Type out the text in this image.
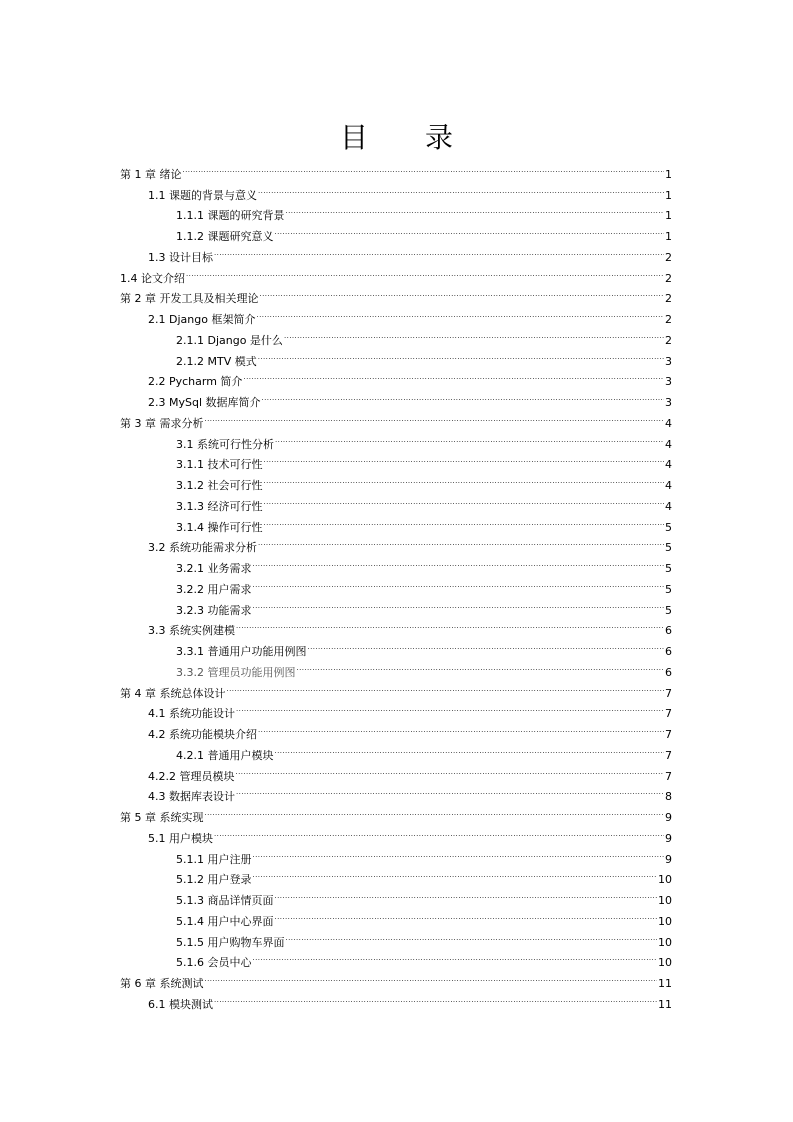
目 录
第 1 章 绪论 .....	1
1.1 课题的背景与意义 .....	1
1.1.1 课题的研究背景 .....	1
1.1.2 课题研究意义 .....	1
1.3 设计目标 .....	2
1.4 论文介绍 .....	2
第 2 章 开发工具及相关理论 .....	2
2.1 Django 框架简介 .....	2
2.1.1 Django 是什么 .....	2
2.1.2 MTV 模式 .....	3
2.2 Pycharm 简介 .....	3
2.3 MySql 数据库简介 .....	3
第 3 章 需求分析 .....	4
3.1 系统可行性分析 .....	4
3.1.1 技术可行性 .....	4
3.1.2 社会可行性 .....	4
3.1.3 经济可行性 .....	4
3.1.4 操作可行性 .....	5
3.2 系统功能需求分析 .....	5
3.2.1 业务需求 .....	5
3.2.2 用户需求 .....	5
3.2.3 功能需求 .....	5
3.3 系统实例建模 .....	6
3.3.1 普通用户功能用例图 .....	6
3.3.2 管理员功能用例图 .....	6
第 4 章 系统总体设计 .....	7
4.1 系统功能设计 .....	7
4.2 系统功能模块介绍 .....	7
4.2.1 普通用户模块 .....	7
4.2.2 管理员模块 .....	7
4.3 数据库表设计 .....	8
第 5 章 系统实现 .....	9
5.1 用户模块 .....	9
5.1.1 用户注册 .....	9
5.1.2 用户登录 .....	10
5.1.3 商品详情页面 .....	10
5.1.4 用户中心界面 .....	10
5.1.5 用户购物车界面 .....	10
5.1.6 会员中心 .....	10
第 6 章 系统测试 .....	11
6.1 模块测试 .....	11
